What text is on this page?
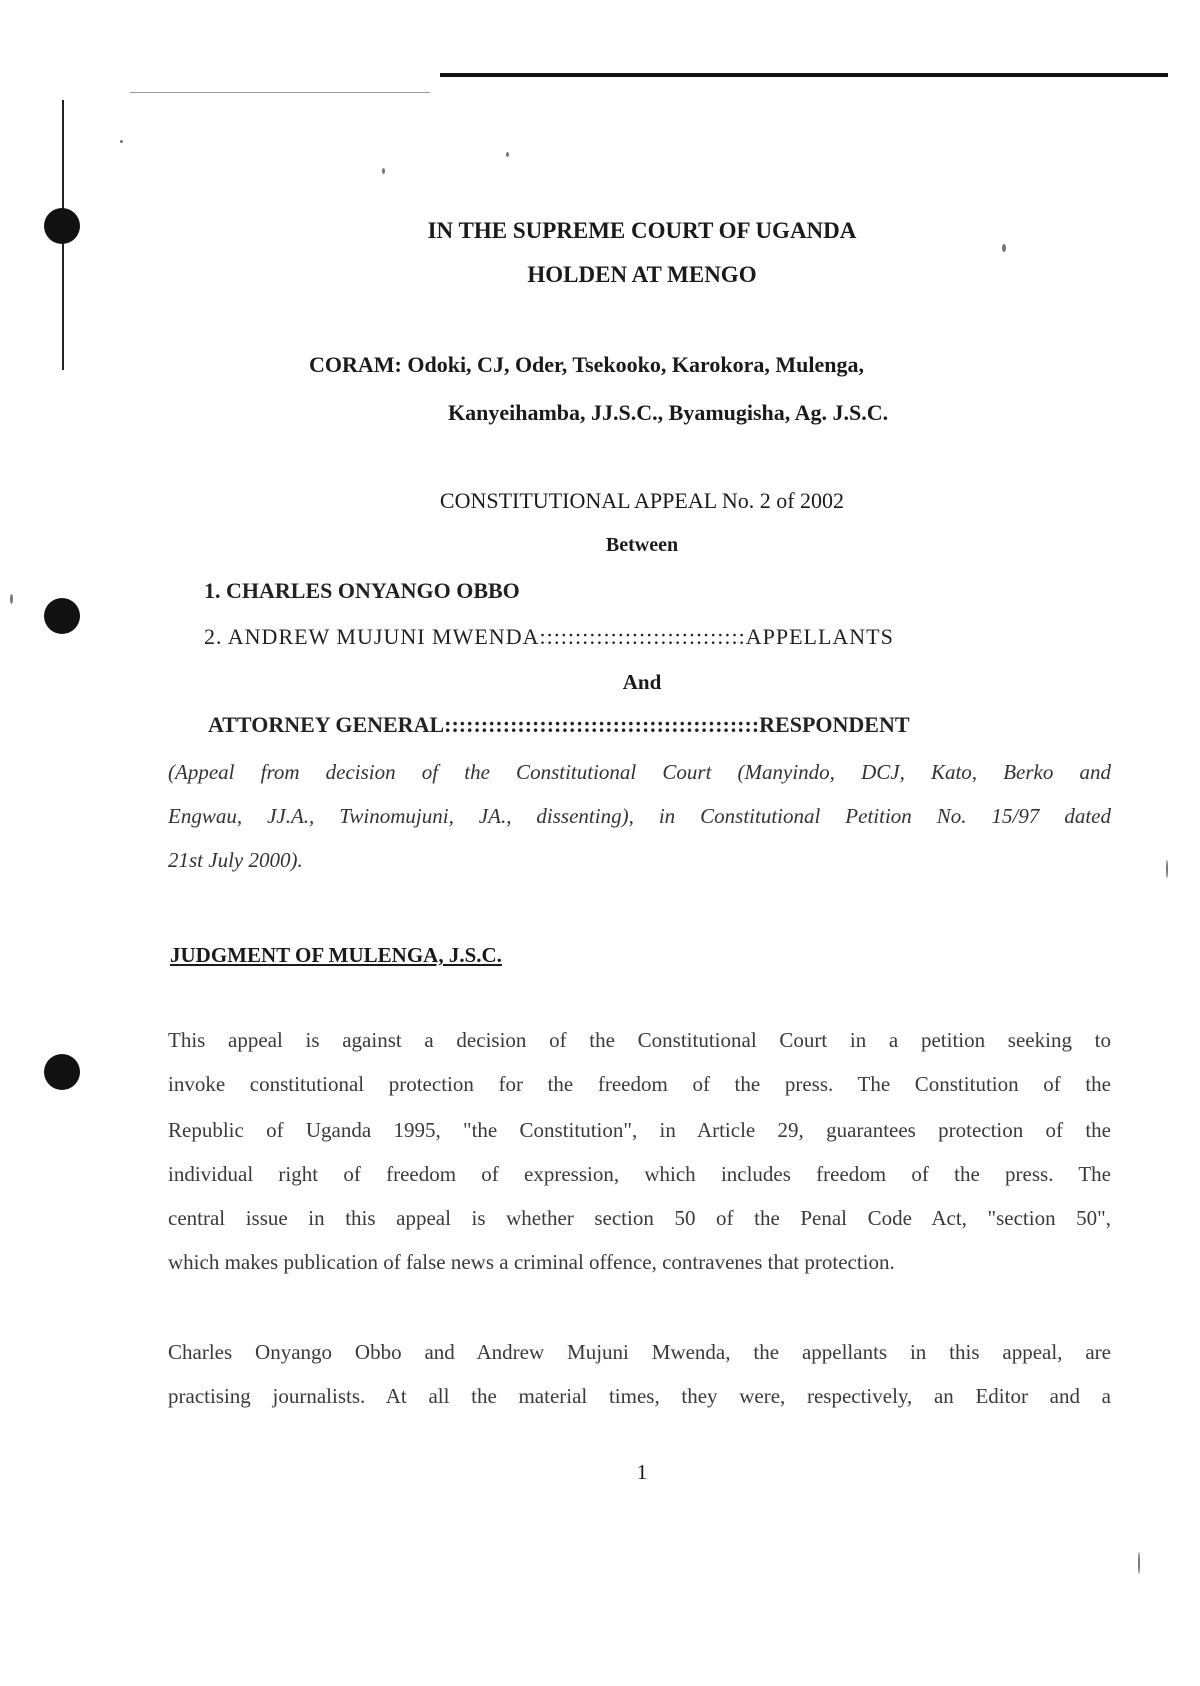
IN THE SUPREME COURT OF UGANDA
HOLDEN AT MENGO
CORAM: Odoki, CJ, Oder, Tsekooko, Karokora, Mulenga,
Kanyeihamba, JJ.S.C., Byamugisha, Ag. J.S.C.
CONSTITUTIONAL APPEAL No. 2 of 2002
Between
1. CHARLES ONYANGO OBBO
2. ANDREW MUJUNI MWENDA:::::::::::::::::::::::::::::APPELLANTS
And
ATTORNEY GENERAL:::::::::::::::::::::::::::::::::::::::::::RESPONDENT
(Appeal from decision of the Constitutional Court (Manyindo, DCJ, Kato, Berko and
Engwau, JJ.A., Twinomujuni, JA., dissenting), in Constitutional Petition No. 15/97 dated
21st July 2000).
JUDGMENT OF MULENGA, J.S.C.
This appeal is against a decision of the Constitutional Court in a petition seeking to
invoke constitutional protection for the freedom of the press. The Constitution of the
Republic of Uganda 1995, "the Constitution", in Article 29, guarantees protection of the
individual right of freedom of expression, which includes freedom of the press. The
central issue in this appeal is whether section 50 of the Penal Code Act, "section 50",
which makes publication of false news a criminal offence, contravenes that protection.
Charles Onyango Obbo and Andrew Mujuni Mwenda, the appellants in this appeal, are
practising journalists. At all the material times, they were, respectively, an Editor and a
1
